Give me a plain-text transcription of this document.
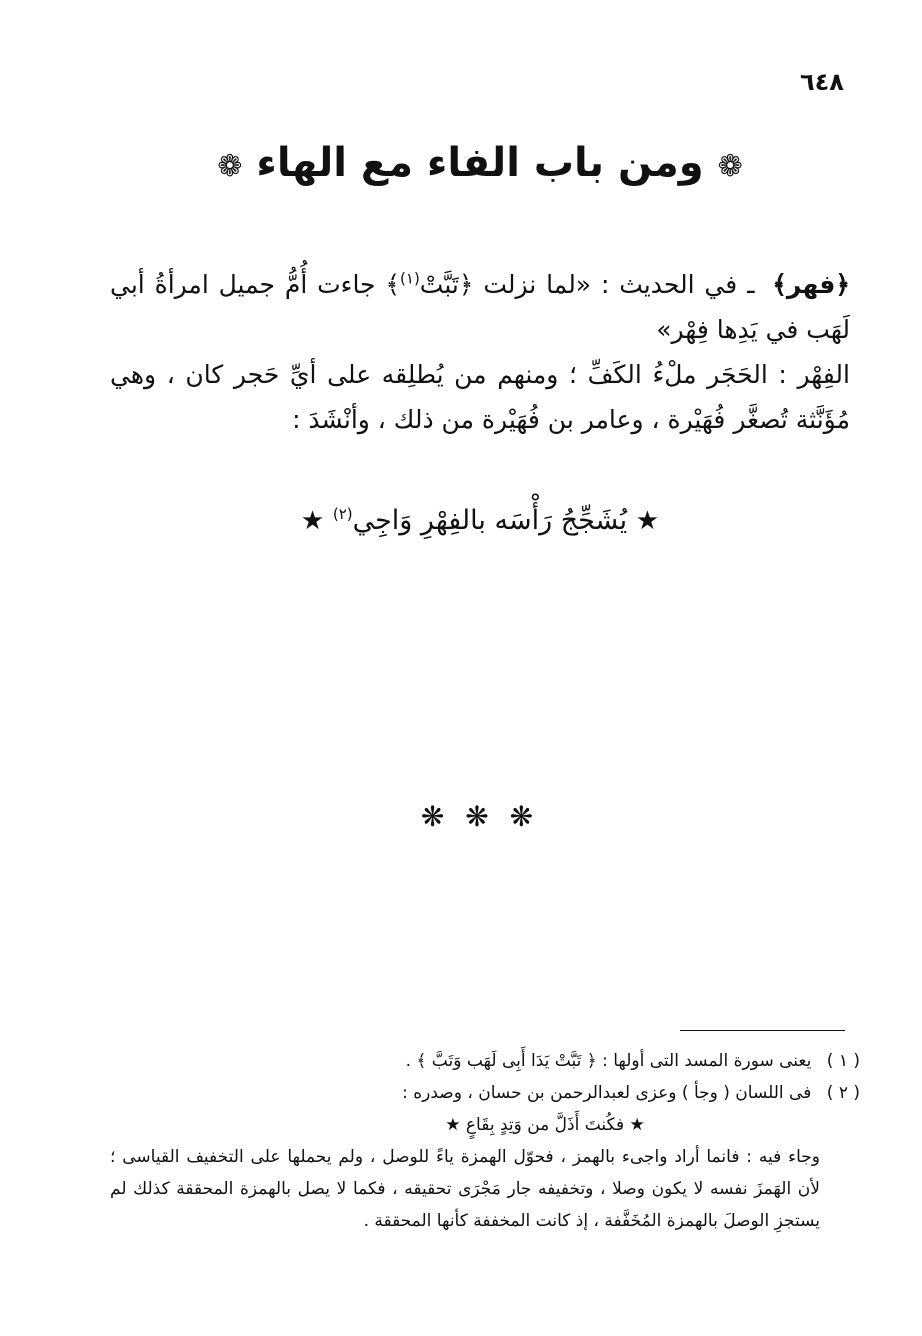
٦٤٨
❁ ومن باب الفاء مع الهاء ❁

﴿فهر﴾ ـ في الحديث : «لما نزلت ﴿تَبَّتْ$^{(١)}$﴾ جاءت أُمُّ جميل امرأةُ أبي لَهَب في يَدِها فِهْر»

الفِهْر : الحَجَر ملْءُ الكَفِّ ؛ ومنهم من يُطلِقه على أيِّ حَجر كان ، وهي مُؤَنَّثة تُصغَّر فُهَيْرة ، وعامر بن فُهَيْرة من ذلك ، وأنْشَدَ :

★ يُشَجِّجُ رَأْسَه بالفِهْرِ وَاجِي$^{(٢)}$ ★
❋ ❋ ❋

( ١ ) يعنى سورة المسد التى أولها : ﴿ تَبَّتْ يَدَا أَبِى لَهَب وَتَبَّ ﴾ .

( ٢ ) فى اللسان ( وجأ ) وعزى لعبدالرحمن بن حسان ، وصدره :

★ فكُنتَ أَذَلَّ من وَتِدٍ بِقَاعٍ ★

وجاء فيه : فانما أراد واجىء بالهمز ، فحوّل الهمزة ياءً للوصل ، ولم يحملها على التخفيف القياسى ؛ لأن الهَمزَ نفسه لا يكون وصلا ، وتخفيفه جار مَجْرَى تحقيقه ، فكما لا يصل بالهمزة المحققة كذلك لم يستجزِ الوصلَ بالهمزة المُخَفَّفة ، إذ كانت المخففة كأنها المحققة .
